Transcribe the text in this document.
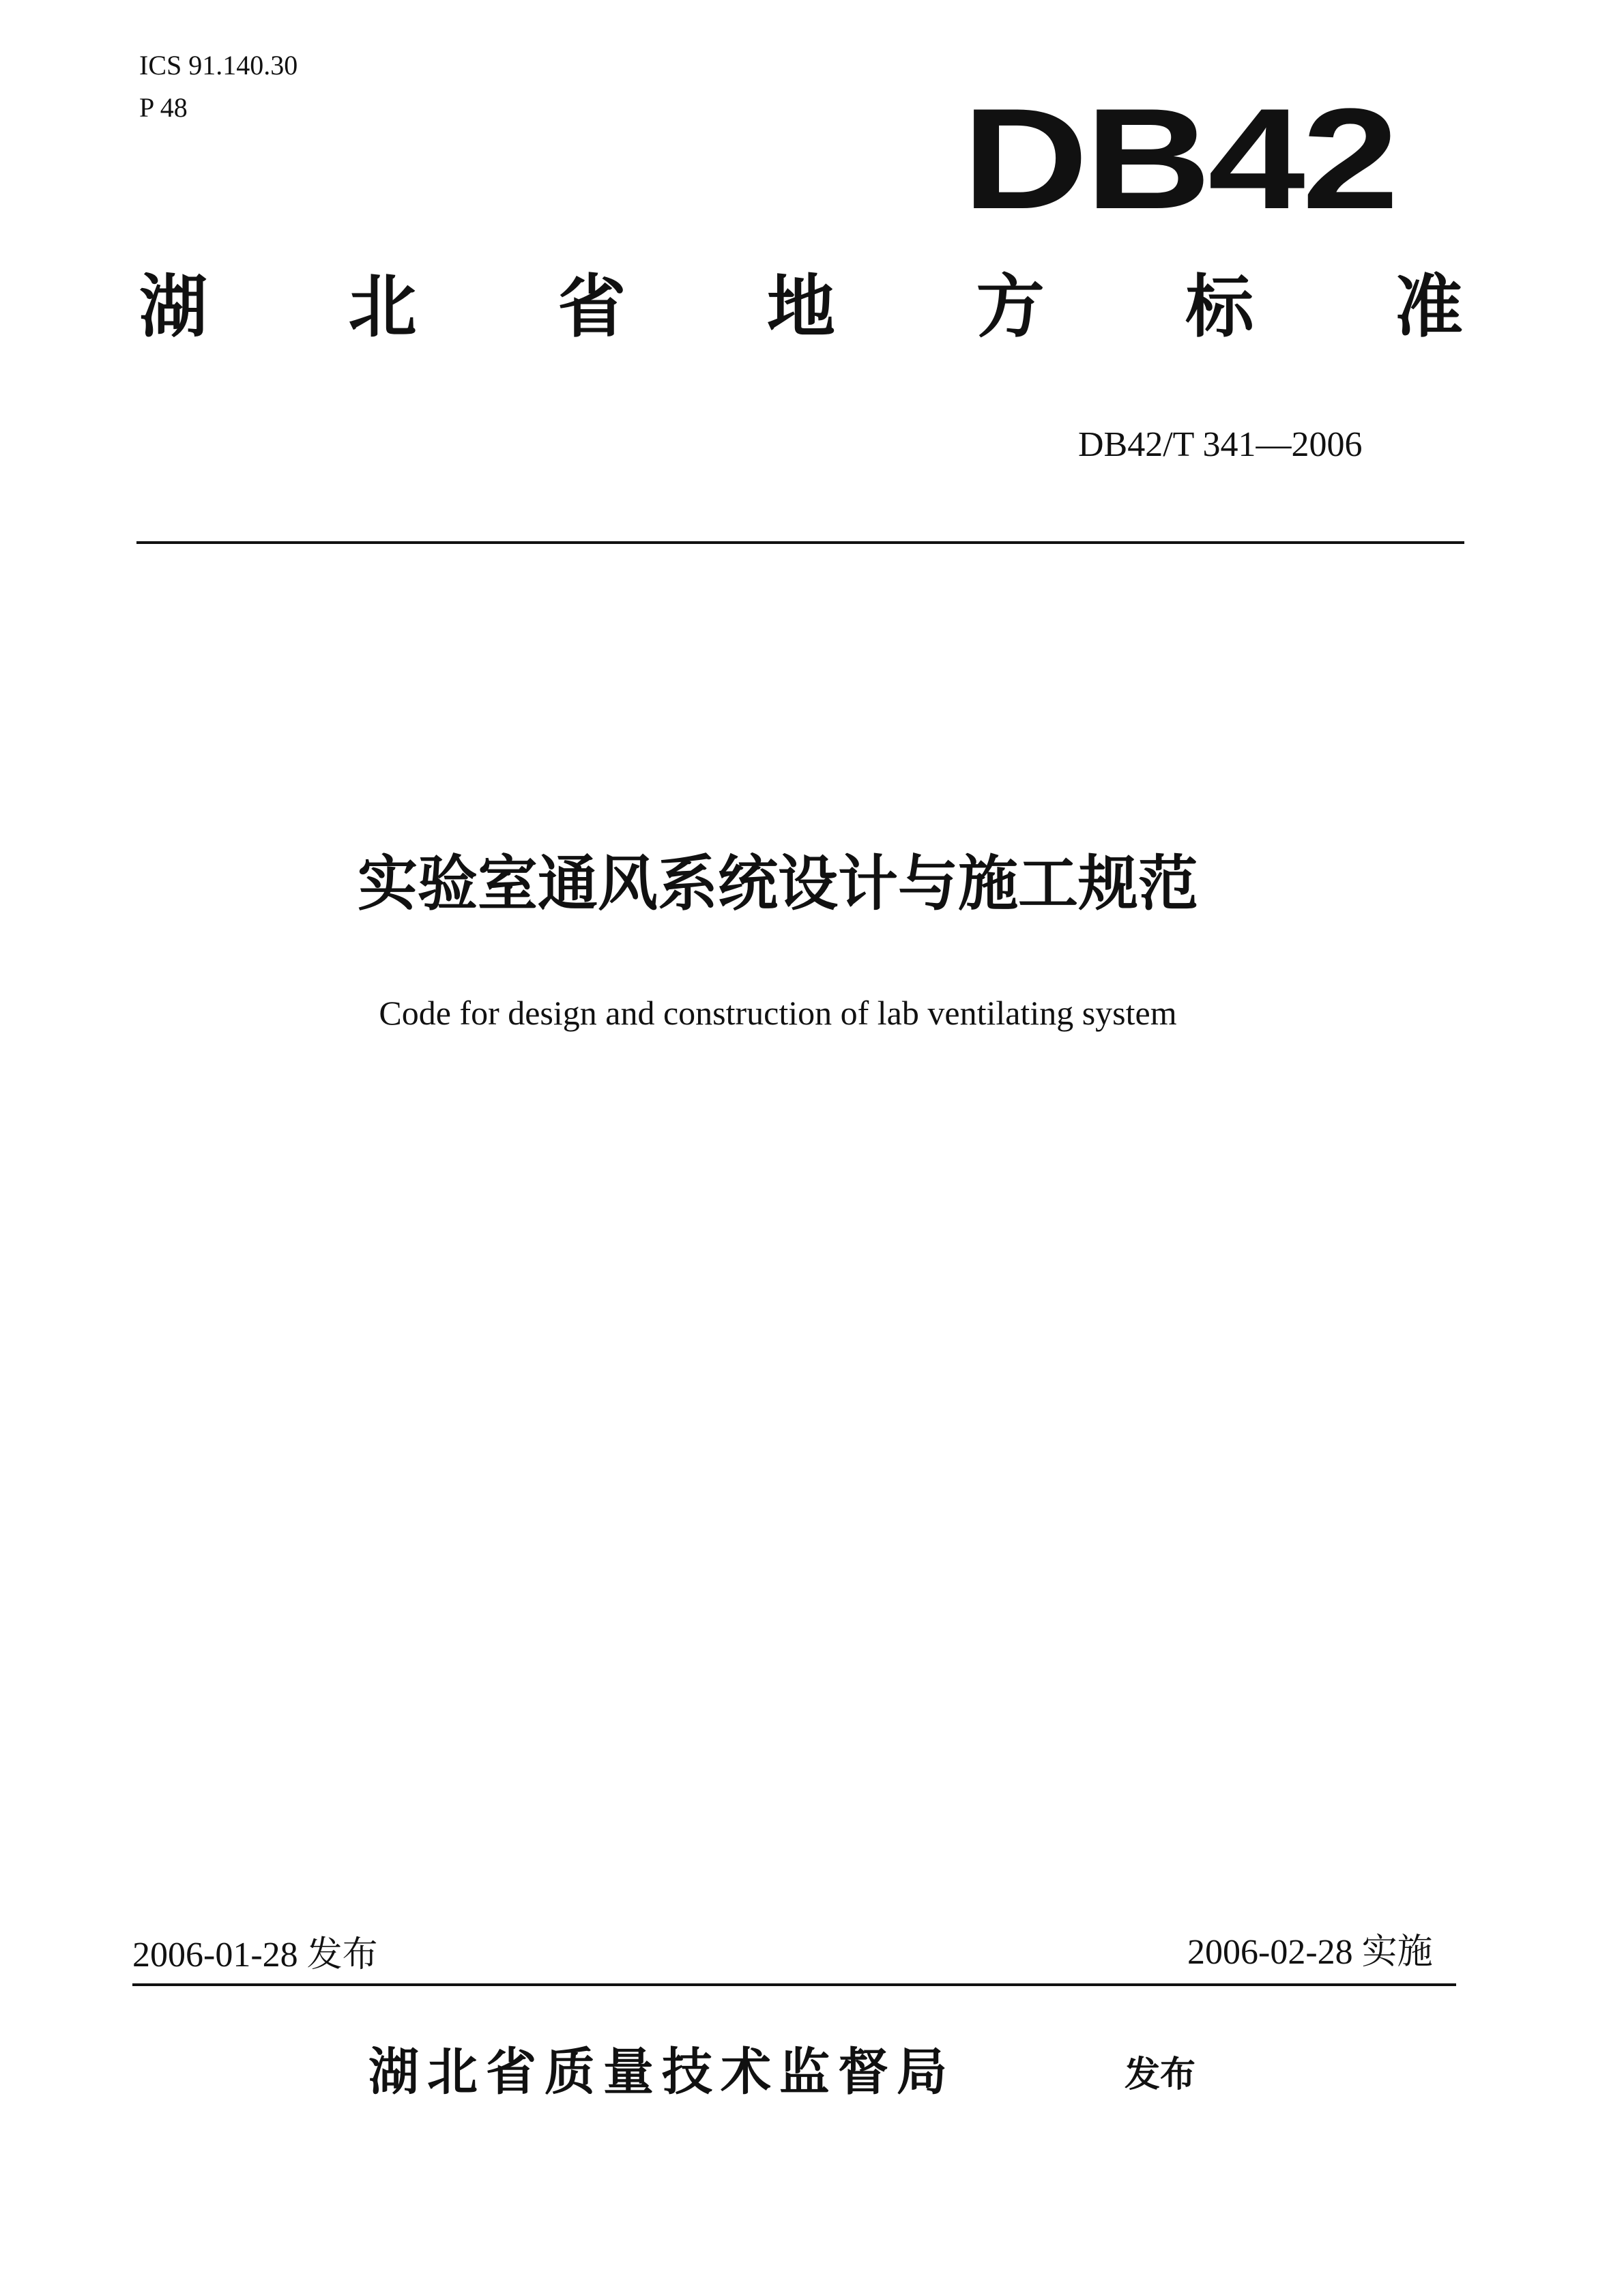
ICS 91.140.30
P 48	DB42
湖 北 省 地 方 标 准
DB42/T 341—2006
实验室通风系统设计与施工规范
Code for design and construction of lab ventilating system
2006-01-28 发布	2006-02-28 实施
湖北省质量技术监督局	发布
